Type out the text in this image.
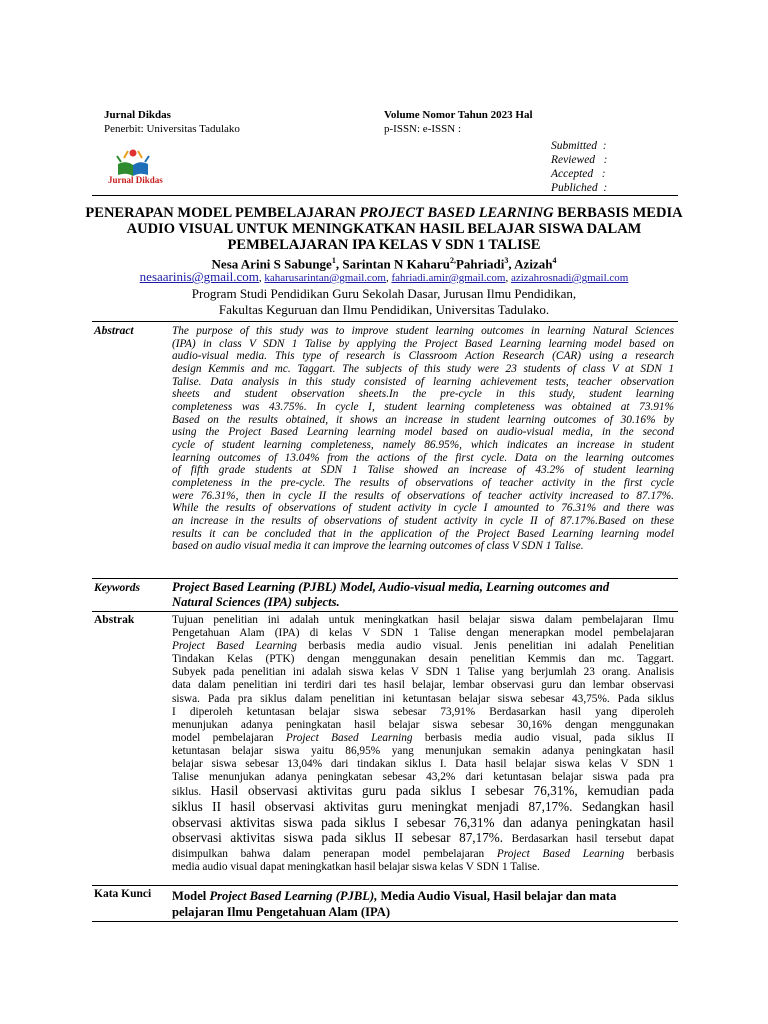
Jurnal Dikdas
Penerbit: Universitas Tadulako
Volume Nomor Tahun 2023 Hal
p-ISSN: e-ISSN :
Jurnal Dikdas
Submitted  :
Reviewed   :
Accepted   :
Publiched  :
PENERAPAN MODEL PEMBELAJARAN PROJECT BASED LEARNING BERBASIS MEDIA
AUDIO VISUAL UNTUK MENINGKATKAN HASIL BELAJAR SISWA DALAM
PEMBELAJARAN IPA KELAS V SDN 1 TALISE
Nesa Arini S Sabunge$^1$, Sarintan N Kaharu$^{2,}$Pahriadi$^3$, Azizah$^4$
nesaarinis@gmail.com, kaharusarintan@gmail.com, fahriadi.amir@gmail.com, azizahrosnadi@gmail.com
Program Studi Pendidikan Guru Sekolah Dasar, Jurusan Ilmu Pendidikan,
Fakultas Keguruan dan Ilmu Pendidikan, Universitas Tadulako.
Abstract	The purpose of this study was to improve student learning outcomes in learning Natural Sciences
(IPA) in class V SDN 1 Talise by applying the Project Based Learning learning model based on
audio-visual media. This type of research is Classroom Action Research (CAR) using a research
design Kemmis and mc. Taggart. The subjects of this study were 23 students of class V at SDN 1
Talise. Data analysis in this study consisted of learning achievement tests, teacher observation
sheets and student observation sheets.In the pre-cycle in this study, student learning
completeness was 43.75%. In cycle I, student learning completeness was obtained at 73.91%
Based on the results obtained, it shows an increase in student learning outcomes of 30.16% by
using the Project Based Learning learning model based on audio-visual media, in the second
cycle of student learning completeness, namely 86.95%, which indicates an increase in student
learning outcomes of 13.04% from the actions of the first cycle. Data on the learning outcomes
of fifth grade students at SDN 1 Talise showed an increase of 43.2% of student learning
completeness in the pre-cycle. The results of observations of teacher activity in the first cycle
were 76.31%, then in cycle II the results of observations of teacher activity increased to 87.17%.
While the results of observations of student activity in cycle I amounted to 76.31% and there was
an increase in the results of observations of student activity in cycle II of 87.17%.Based on these
results it can be concluded that in the application of the Project Based Learning learning model
based on audio visual media it can improve the learning outcomes of class V SDN 1 Talise.
Keywords	Project Based Learning (PJBL) Model, Audio-visual media, Learning outcomes and
Natural Sciences (IPA) subjects.
Abstrak	Tujuan penelitian ini adalah untuk meningkatkan hasil belajar siswa dalam pembelajaran Ilmu
Pengetahuan Alam (IPA) di kelas V SDN 1 Talise dengan menerapkan model pembelajaran
Project Based Learning berbasis media audio visual. Jenis penelitian ini adalah Penelitian
Tindakan Kelas (PTK) dengan menggunakan desain penelitian Kemmis dan mc. Taggart.
Subyek pada penelitian ini adalah siswa kelas V SDN 1 Talise yang berjumlah 23 orang. Analisis
data dalam penelitian ini terdiri dari tes hasil belajar, lembar observasi guru dan lembar observasi
siswa. Pada pra siklus dalam penelitian ini ketuntasan belajar siswa sebesar 43,75%. Pada siklus
I diperoleh ketuntasan belajar siswa sebesar 73,91% Berdasarkan hasil yang diperoleh
menunjukan adanya peningkatan hasil belajar siswa sebesar 30,16% dengan menggunakan
model pembelajaran Project Based Learning berbasis media audio visual, pada siklus II
ketuntasan belajar siswa yaitu 86,95% yang menunjukan semakin adanya peningkatan hasil
belajar siswa sebesar 13,04% dari tindakan siklus I. Data hasil belajar siswa kelas V SDN 1
Talise menunjukan adanya peningkatan sebesar 43,2% dari ketuntasan belajar siswa pada pra
siklus. Hasil observasi aktivitas guru pada siklus I sebesar 76,31%, kemudian pada
siklus II hasil observasi aktivitas guru meningkat menjadi 87,17%. Sedangkan hasil
observasi aktivitas siswa pada siklus I sebesar 76,31% dan adanya peningkatan hasil
observasi aktivitas siswa pada siklus II sebesar 87,17%. Berdasarkan hasil tersebut dapat
disimpulkan bahwa dalam penerapan model pembelajaran Project Based Learning berbasis
media audio visual dapat meningkatkan hasil belajar siswa kelas V SDN 1 Talise.
Kata Kunci Model Project Based Learning (PJBL), Media Audio Visual, Hasil belajar dan mata
pelajaran Ilmu Pengetahuan Alam (IPA)
